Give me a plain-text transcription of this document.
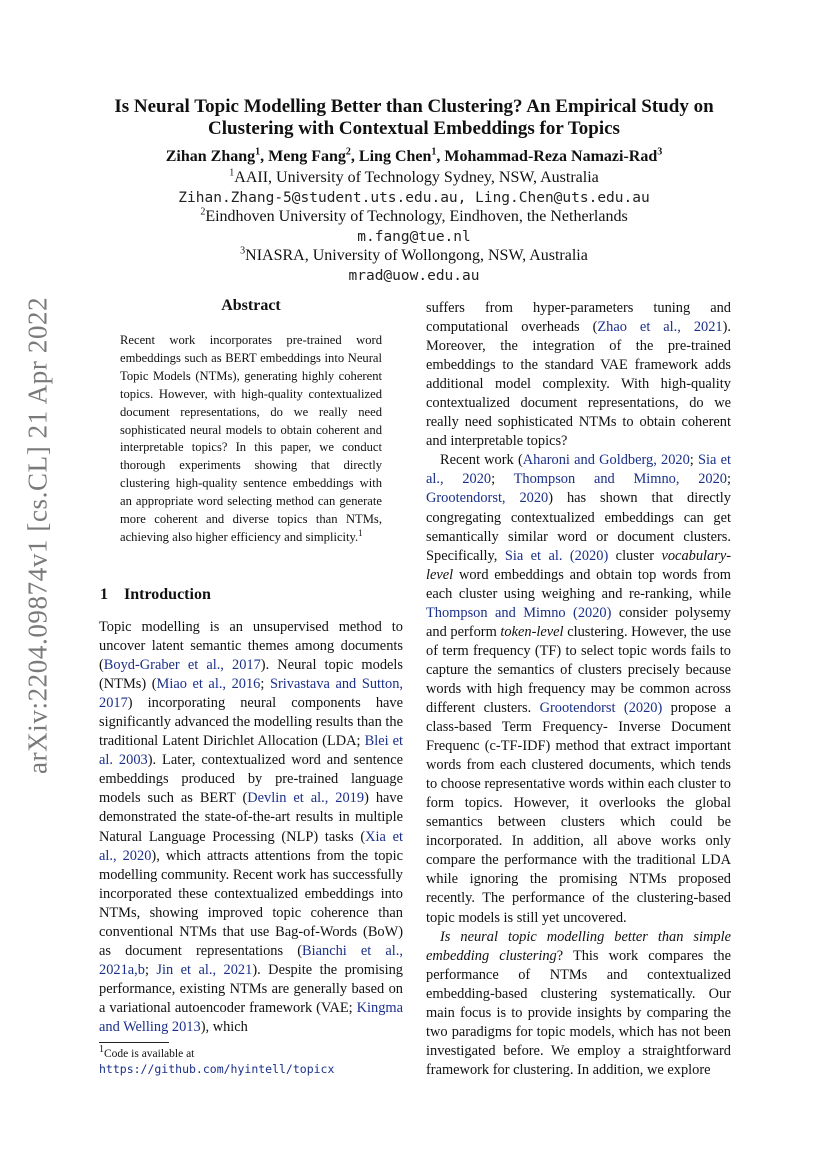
arXiv:2204.09874v1 [cs.CL] 21 Apr 2022
Is Neural Topic Modelling Better than Clustering? An Empirical Study on Clustering with Contextual Embeddings for Topics
Zihan Zhang$^1$, Meng Fang$^2$, Ling Chen$^1$, Mohammad-Reza Namazi-Rad$^3$
$^1$AAII, University of Technology Sydney, NSW, Australia
Zihan.Zhang-5@student.uts.edu.au, Ling.Chen@uts.edu.au
$^2$Eindhoven University of Technology, Eindhoven, the Netherlands
m.fang@tue.nl
$^3$NIASRA, University of Wollongong, NSW, Australia
mrad@uow.edu.au
Abstract
Recent work incorporates pre-trained word embeddings such as BERT embeddings into Neural Topic Models (NTMs), generating highly coherent topics. However, with high-quality contextualized document representations, do we really need sophisticated neural models to obtain coherent and interpretable topics? In this paper, we conduct thorough experiments showing that directly clustering high-quality sentence embeddings with an appropriate word selecting method can generate more coherent and diverse topics than NTMs, achieving also higher efficiency and simplicity.$^1$
1 Introduction

Topic modelling is an unsupervised method to uncover latent semantic themes among documents (Boyd-Graber et al., 2017). Neural topic models (NTMs) (Miao et al., 2016; Srivastava and Sutton, 2017) incorporating neural components have significantly advanced the modelling results than the traditional Latent Dirichlet Allocation (LDA; Blei et al. 2003). Later, contextualized word and sentence embeddings produced by pre-trained language models such as BERT (Devlin et al., 2019) have demonstrated the state-of-the-art results in multiple Natural Language Processing (NLP) tasks (Xia et al., 2020), which attracts attentions from the topic modelling community. Recent work has successfully incorporated these contextualized embeddings into NTMs, showing improved topic coherence than conventional NTMs that use Bag-of-Words (BoW) as document representations (Bianchi et al., 2021a,b; Jin et al., 2021). Despite the promising performance, existing NTMs are generally based on a variational autoencoder framework (VAE; Kingma and Welling 2013), which

suffers from hyper-parameters tuning and computational overheads (Zhao et al., 2021). Moreover, the integration of the pre-trained embeddings to the standard VAE framework adds additional model complexity. With high-quality contextualized document representations, do we really need sophisticated NTMs to obtain coherent and interpretable topics?

Recent work (Aharoni and Goldberg, 2020; Sia et al., 2020; Thompson and Mimno, 2020; Grootendorst, 2020) has shown that directly congregating contextualized embeddings can get semantically similar word or document clusters. Specifically, Sia et al. (2020) cluster vocabulary-level word embeddings and obtain top words from each cluster using weighing and re-ranking, while Thompson and Mimno (2020) consider polysemy and perform token-level clustering. However, the use of term frequency (TF) to select topic words fails to capture the semantics of clusters precisely because words with high frequency may be common across different clusters. Grootendorst (2020) propose a class-based Term Frequency- Inverse Document Frequenc (c-TF-IDF) method that extract important words from each clustered documents, which tends to choose representative words within each cluster to form topics. However, it overlooks the global semantics between clusters which could be incorporated. In addition, all above works only compare the performance with the traditional LDA while ignoring the promising NTMs proposed recently. The performance of the clustering-based topic models is still yet uncovered.

Is neural topic modelling better than simple embedding clustering? This work compares the performance of NTMs and contextualized embedding-based clustering systematically. Our main focus is to provide insights by comparing the two paradigms for topic models, which has not been investigated before. We employ a straightforward framework for clustering. In addition, we explore

$^1$Code is available at https://github.com/hyintell/topicx
